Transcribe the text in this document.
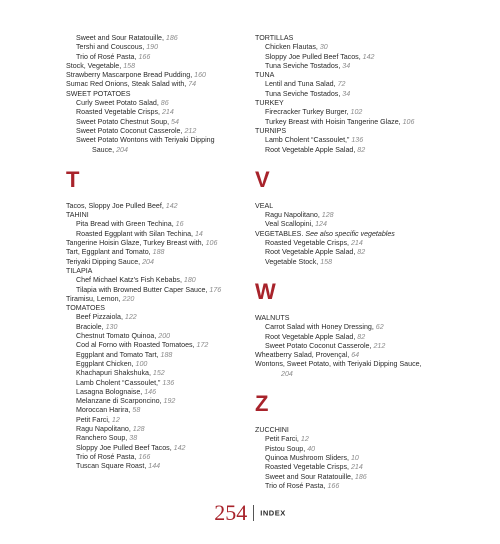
Sweet and Sour Ratatouille, 186
Tershi and Couscous, 190
Trio of Rosé Pasta, 166
Stock, Vegetable, 158
Strawberry Mascarpone Bread Pudding, 160
Sumac Red Onions, Steak Salad with, 74
SWEET POTATOES
Curly Sweet Potato Salad, 86
Roasted Vegetable Crisps, 214
Sweet Potato Chestnut Soup, 54
Sweet Potato Coconut Casserole, 212
Sweet Potato Wontons with Teriyaki Dipping
Sauce, 204
T
Tacos, Sloppy Joe Pulled Beef, 142
TAHINI
Pita Bread with Green Techina, 16
Roasted Eggplant with Silan Techina, 14
Tangerine Hoisin Glaze, Turkey Breast with, 106
Tart, Eggplant and Tomato, 188
Teriyaki Dipping Sauce, 204
TILAPIA
Chef Michael Katz’s Fish Kebabs, 180
Tilapia with Browned Butter Caper Sauce, 176
Tiramisu, Lemon, 220
TOMATOES
Beef Pizzaiola, 122
Braciole, 130
Chestnut Tomato Quinoa, 200
Cod al Forno with Roasted Tomatoes, 172
Eggplant and Tomato Tart, 188
Eggplant Chicken, 100
Khachapuri Shakshuka, 152
Lamb Cholent “Cassoulet,” 136
Lasagna Bolognaise, 146
Melanzane di Scarponcino, 192
Moroccan Harira, 58
Petit Farci, 12
Ragu Napolitano, 128
Ranchero Soup, 38
Sloppy Joe Pulled Beef Tacos, 142
Trio of Rosé Pasta, 166
Tuscan Square Roast, 144
TORTILLAS
Chicken Flautas, 30
Sloppy Joe Pulled Beef Tacos, 142
Tuna Seviche Tostados, 34
TUNA
Lentil and Tuna Salad, 72
Tuna Seviche Tostados, 34
TURKEY
Firecracker Turkey Burger, 102
Turkey Breast with Hoisin Tangerine Glaze, 106
TURNIPS
Lamb Cholent “Cassoulet,” 136
Root Vegetable Apple Salad, 82
V
VEAL
Ragu Napolitano, 128
Veal Scallopini, 124
VEGETABLES. See also specific vegetables
Roasted Vegetable Crisps, 214
Root Vegetable Apple Salad, 82
Vegetable Stock, 158
W
WALNUTS
Carrot Salad with Honey Dressing, 62
Root Vegetable Apple Salad, 82
Sweet Potato Coconut Casserole, 212
Wheatberry Salad, Provençal, 64
Wontons, Sweet Potato, with Teriyaki Dipping Sauce,
204
Z
ZUCCHINI
Petit Farci, 12
Pistou Soup, 40
Quinoa Mushroom Sliders, 10
Roasted Vegetable Crisps, 214
Sweet and Sour Ratatouille, 186
Trio of Rosé Pasta, 166
254 INDEX
